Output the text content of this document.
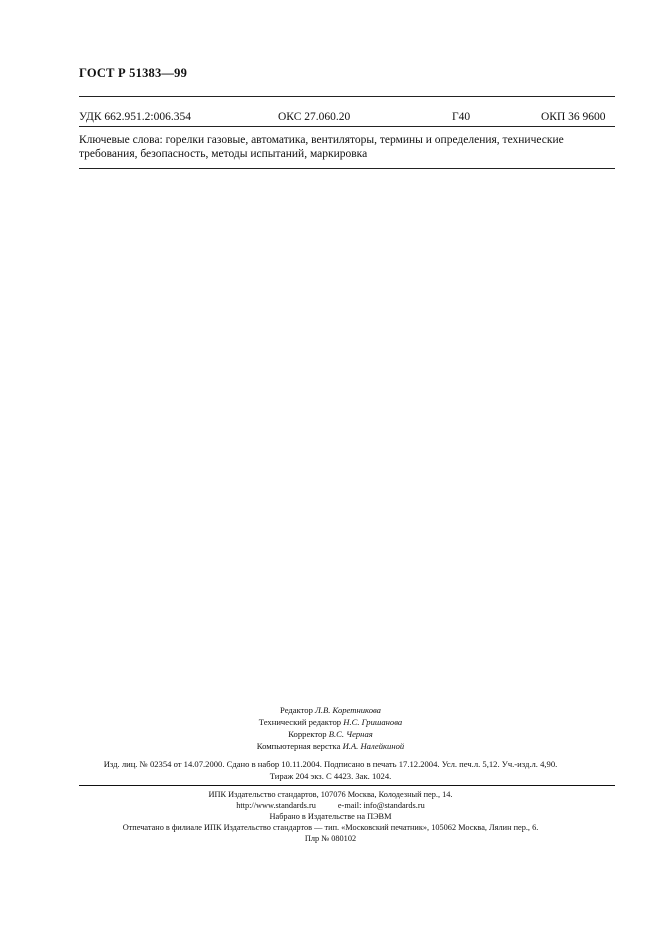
ГОСТ Р 51383—99
УДК 662.951.2:006.354	ОКС 27.060.20	Г40	ОКП 36 9600
Ключевые слова: горелки газовые, автоматика, вентиляторы, термины и определения, технические
требования, безопасность, методы испытаний, маркировка
Редактор Л.В. Коретникова
Технический редактор Н.С. Гришанова
Корректор В.С. Черная
Компьютерная верстка И.А. Налейкиной
Изд. лиц. № 02354 от 14.07.2000. Сдано в набор 10.11.2004. Подписано в печать 17.12.2004. Усл. печ.л. 5,12. Уч.-изд.л. 4,90.
Тираж 204 экз. С 4423. Зак. 1024.
ИПК Издательство стандартов, 107076 Москва, Колодезный пер., 14.
http://www.standards.ru	e-mail: info@standards.ru
Набрано в Издательстве на ПЭВМ
Отпечатано в филиале ИПК Издательство стандартов — тип. «Московский печатник», 105062 Москва, Лялин пер., 6.
Плр № 080102
